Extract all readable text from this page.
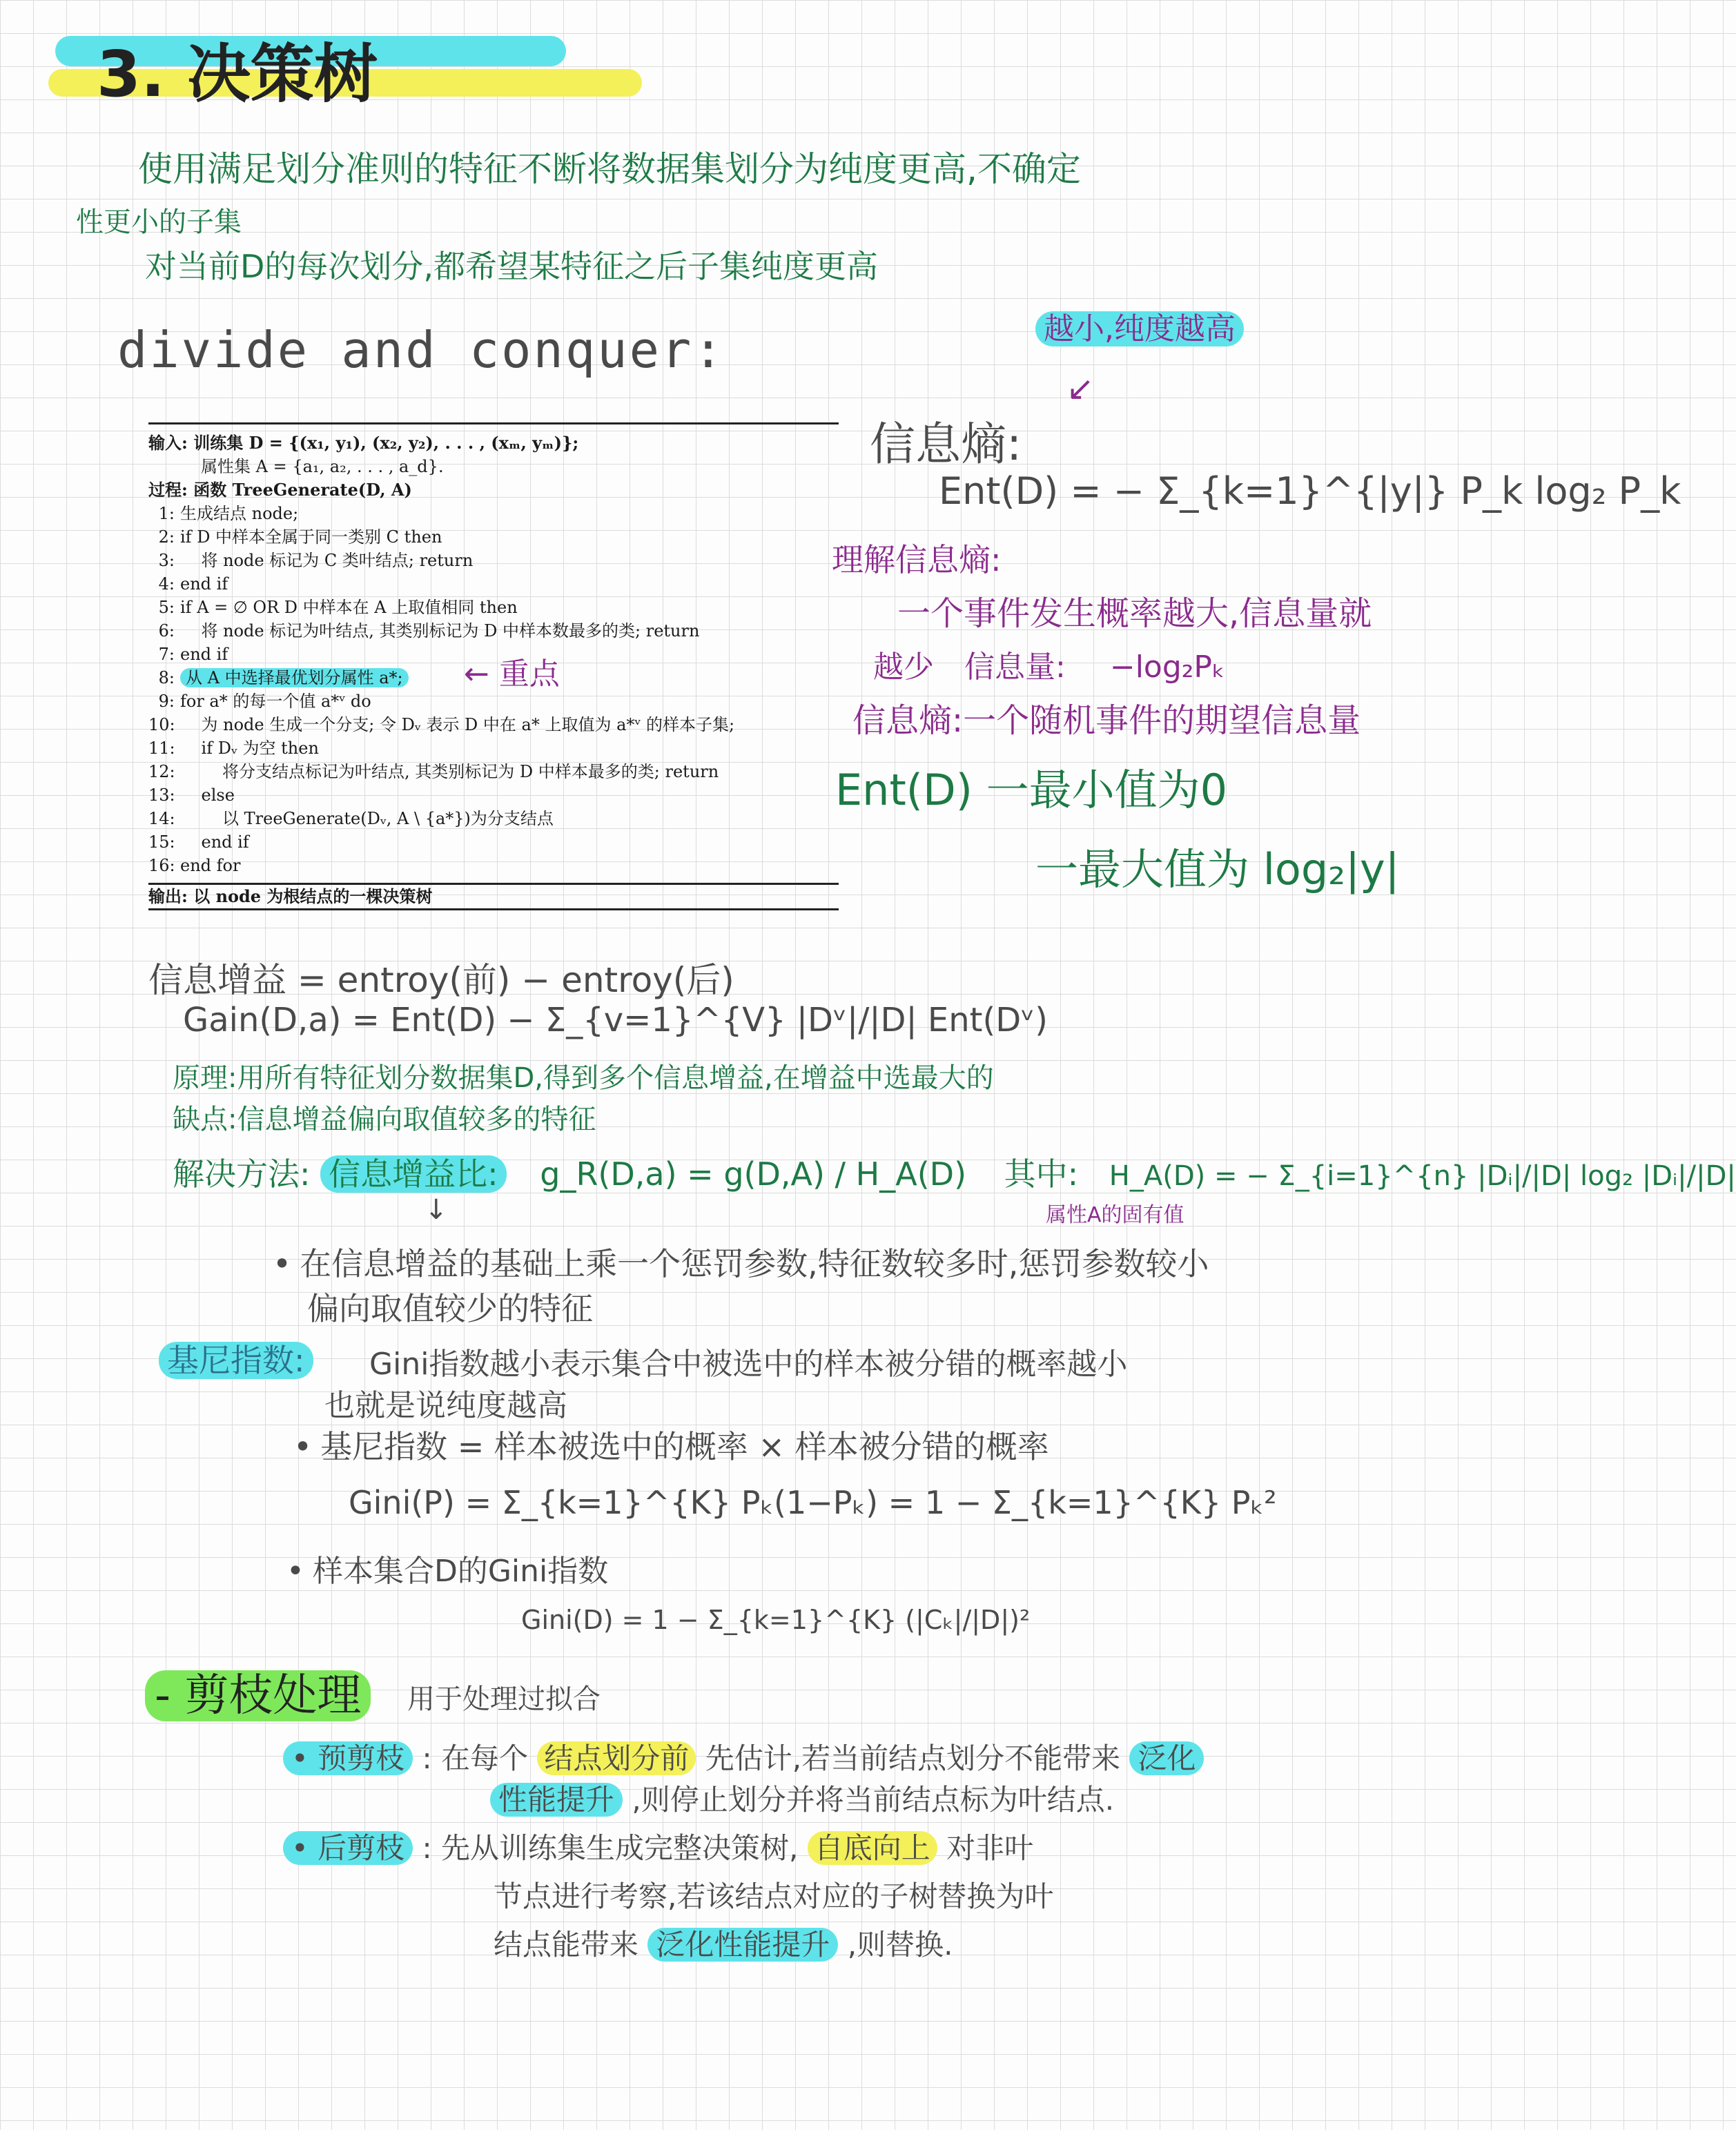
3. 决策树
使用满足划分准则的特征不断将数据集划分为纯度更高,不确定
性更小的子集
对当前D的每次划分,都希望某特征之后子集纯度更高
divide and conquer:
输入: 训练集 D = {(x₁, y₁), (x₂, y₂), . . . , (xₘ, yₘ)};
属性集 A = {a₁, a₂, . . . , a_d}.
过程: 函数 TreeGenerate(D, A)
1: 生成结点 node;
2: if D 中样本全属于同一类别 C then
3:    将 node 标记为 C 类叶结点; return
4: end if
5: if A = ∅ OR D 中样本在 A 上取值相同 then
6:    将 node 标记为叶结点, 其类别标记为 D 中样本数最多的类; return
7: end if
8: 从 A 中选择最优划分属性 a*;
9: for a* 的每一个值 a*ᵛ do
10:    为 node 生成一个分支; 令 Dᵥ 表示 D 中在 a* 上取值为 a*ᵛ 的样本子集;
11:    if Dᵥ 为空 then
12:        将分支结点标记为叶结点, 其类别标记为 D 中样本最多的类; return
13:    else
14:        以 TreeGenerate(Dᵥ, A \ {a*})为分支结点
15:    end if
16: end for
输出: 以 node 为根结点的一棵决策树
← 重点
越小,纯度越高
↙
信息熵:
Ent(D) = − Σ_{k=1}^{|y|} P_k log₂ P_k
理解信息熵:
一个事件发生概率越大,信息量就
越少 信息量: −log₂Pₖ
信息熵:一个随机事件的期望信息量
Ent(D) 一最小值为0
一最大值为 log₂|y|
信息增益 = entroy(前) − entroy(后)
Gain(D,a) = Ent(D) − Σ_{v=1}^{V} |Dᵛ|/|D| Ent(Dᵛ)
原理:用所有特征划分数据集D,得到多个信息增益,在增益中选最大的
缺点:信息增益偏向取值较多的特征
解决方法: 信息增益比: g_R(D,a) = g(D,A) / H_A(D) 其中: H_A(D) = − Σ_{i=1}^{n} |Dᵢ|/|D| log₂ |Dᵢ|/|D|
属性A的固有值
↓
• 在信息增益的基础上乘一个惩罚参数,特征数较多时,惩罚参数较小
偏向取值较少的特征
基尼指数: Gini指数越小表示集合中被选中的样本被分错的概率越小
也就是说纯度越高
• 基尼指数 = 样本被选中的概率 × 样本被分错的概率
Gini(P) = Σ_{k=1}^{K} Pₖ(1−Pₖ) = 1 − Σ_{k=1}^{K} Pₖ²
• 样本集合D的Gini指数
Gini(D) = 1 − Σ_{k=1}^{K} (|Cₖ|/|D|)²
- 剪枝处理	用于处理过拟合
• 预剪枝 : 在每个 结点划分前 先估计,若当前结点划分不能带来 泛化
性能提升 ,则停止划分并将当前结点标为叶结点.
• 后剪枝 : 先从训练集生成完整决策树, 自底向上 对非叶
节点进行考察,若该结点对应的子树替换为叶
结点能带来 泛化性能提升 ,则替换.
